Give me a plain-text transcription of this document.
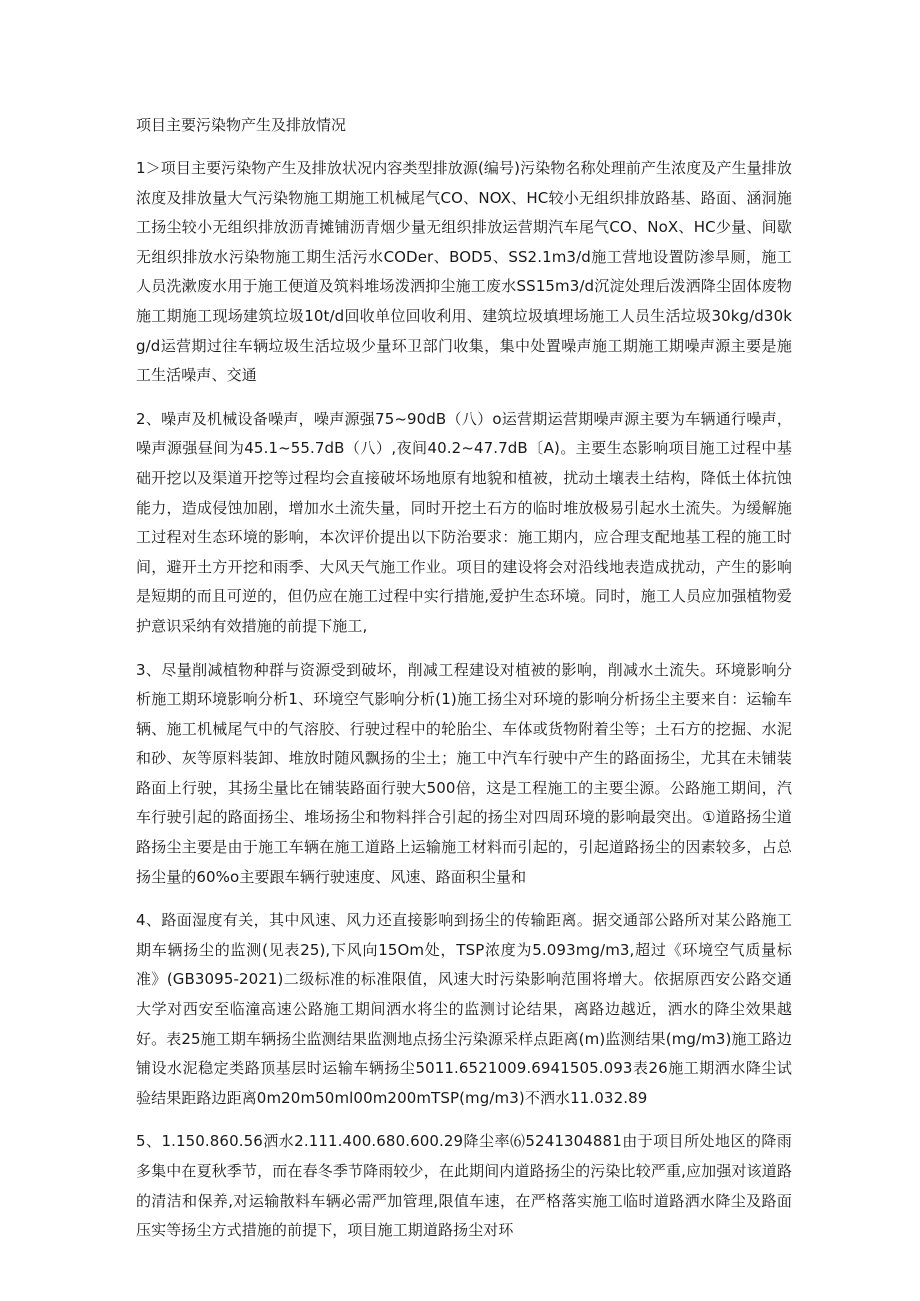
项目主要污染物产生及排放情况

1＞项目主要污染物产生及排放状况内容类型排放源(编号)污染物名称处理前产生浓度及产生量排放浓度及排放量大气污染物施工期施工机械尾气CO、NOX、HC较小无组织排放路基、路面、涵洞施工扬尘较小无组织排放沥青摊铺沥青烟少量无组织排放运营期汽车尾气CO、NoX、HC少量、间歇无组织排放水污染物施工期生活污水CODer、BOD5、SS2.1m3∕d施工营地设置防渗旱厕，施工人员洗漱废水用于施工便道及筑料堆场泼洒抑尘施工废水SS15m3∕d沉淀处理后泼洒降尘固体废物施工期施工现场建筑垃圾10t∕d回收单位回收利用、建筑垃圾填埋场施工人员生活垃圾30kg∕d30kg∕d运营期过往车辆垃圾生活垃圾少量环卫部门收集，集中处置噪声施工期施工期噪声源主要是施工生活噪声、交通

2、噪声及机械设备噪声，噪声源强75~90dB（八）o运营期运营期噪声源主要为车辆通行噪声，噪声源强昼间为45.1~55.7dB（八）,夜间40.2~47.7dB〔A)。主要生态影响项目施工过程中基础开挖以及渠道开挖等过程均会直接破坏场地原有地貌和植被，扰动土壤表土结构，降低土体抗蚀能力，造成侵蚀加剧，增加水土流失量，同时开挖土石方的临时堆放极易引起水土流失。为缓解施工过程对生态环境的影响，本次评价提出以下防治要求：施工期内，应合理支配地基工程的施工时间，避开土方开挖和雨季、大风天气施工作业。项目的建设将会对沿线地表造成扰动，产生的影响是短期的而且可逆的，但仍应在施工过程中实行措施,爱护生态环境。同时，施工人员应加强植物爱护意识采纳有效措施的前提下施工,

3、尽量削减植物种群与资源受到破坏，削减工程建设对植被的影响，削减水土流失。环境影响分析施工期环境影响分析1、环境空气影响分析(1)施工扬尘对环境的影响分析扬尘主要来自：运输车辆、施工机械尾气中的气溶胶、行驶过程中的轮胎尘、车体或货物附着尘等；土石方的挖掘、水泥和砂、灰等原料装卸、堆放时随风飘扬的尘土；施工中汽车行驶中产生的路面扬尘，尤其在未铺装路面上行驶，其扬尘量比在铺装路面行驶大500倍，这是工程施工的主要尘源。公路施工期间，汽车行驶引起的路面扬尘、堆场扬尘和物料拌合引起的扬尘对四周环境的影响最突出。①道路扬尘道路扬尘主要是由于施工车辆在施工道路上运输施工材料而引起的，引起道路扬尘的因素较多，占总扬尘量的60%o主要跟车辆行驶速度、风速、路面积尘量和

4、路面湿度有关，其中风速、风力还直接影响到扬尘的传输距离。据交通部公路所对某公路施工期车辆扬尘的监测(见表25),下风向15Om处，TSP浓度为5.093mg∕m3,超过《环境空气质量标准》(GB3095-2021)二级标准的标准限值，风速大时污染影响范围将增大。依据原西安公路交通大学对西安至临潼高速公路施工期间洒水将尘的监测讨论结果，离路边越近，洒水的降尘效果越好。表25施工期车辆扬尘监测结果监测地点扬尘污染源采样点距离(m)监测结果(mg∕m3)施工路边铺设水泥稳定类路顶基层时运输车辆扬尘5011.6521009.6941505.093表26施工期洒水降尘试验结果距路边距离0m20m50ml00m200mTSP(mg∕m3)不洒水11.032.89

5、1.150.860.56洒水2.111.400.680.600.29降尘率⑹5241304881由于项目所处地区的降雨多集中在夏秋季节，而在春冬季节降雨较少，在此期间内道路扬尘的污染比较严重,应加强对该道路的清洁和保养,对运输散料车辆必需严加管理,限值车速，在严格落实施工临时道路洒水降尘及路面压实等扬尘方式措施的前提下，项目施工期道路扬尘对环
